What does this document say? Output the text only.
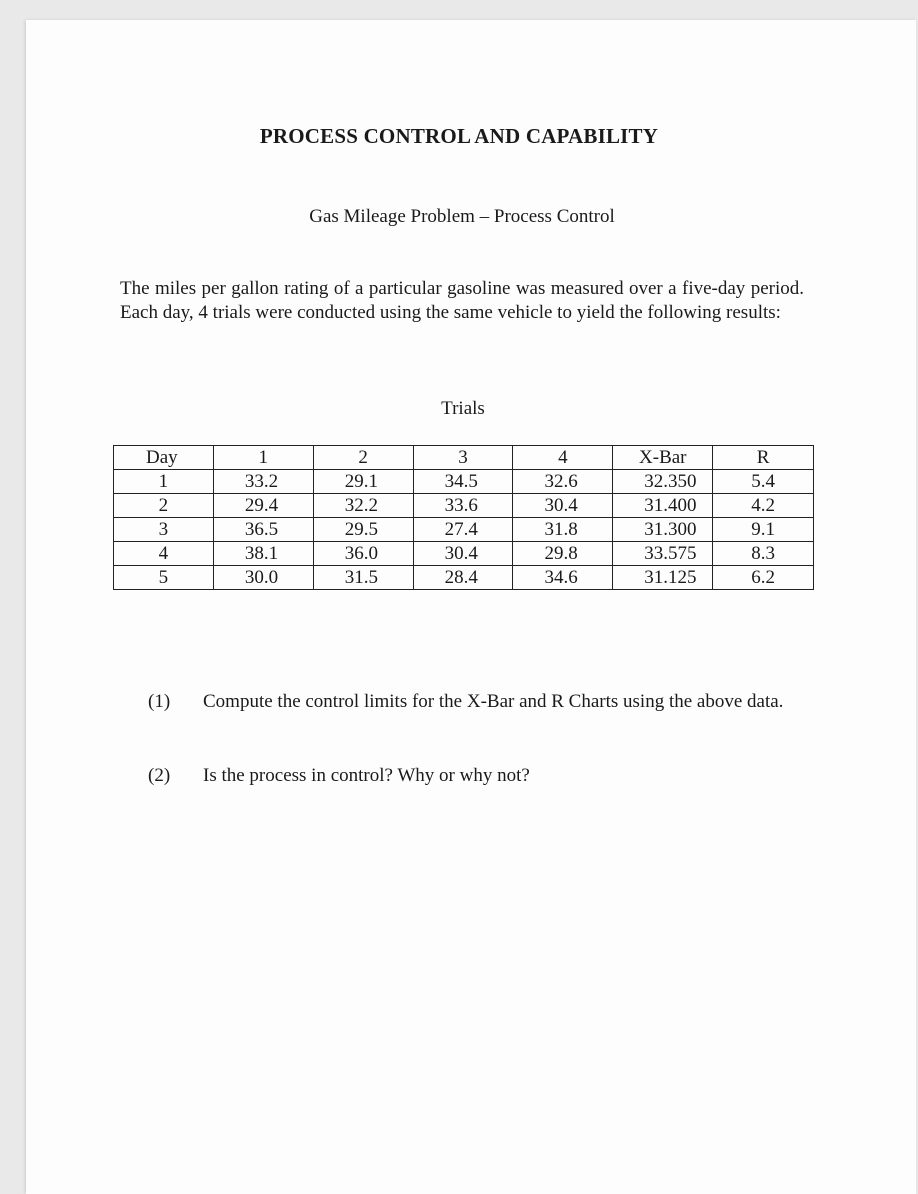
PROCESS CONTROL AND CAPABILITY
Gas Mileage Problem – Process Control
The miles per gallon rating of a particular gasoline was measured over a five-day period. Each day, 4 trials were conducted using the same vehicle to yield the following results:
Trials
Day	1	2	3	4	X-Bar	R
1	33.2	29.1	34.5	32.6	32.350	5.4
2	29.4	32.2	33.6	30.4	31.400	4.2
3	36.5	29.5	27.4	31.8	31.300	9.1
4	38.1	36.0	30.4	29.8	33.575	8.3
5	30.0	31.5	28.4	34.6	31.125	6.2
(1) Compute the control limits for the X-Bar and R Charts using the above data.
(2) Is the process in control? Why or why not?
